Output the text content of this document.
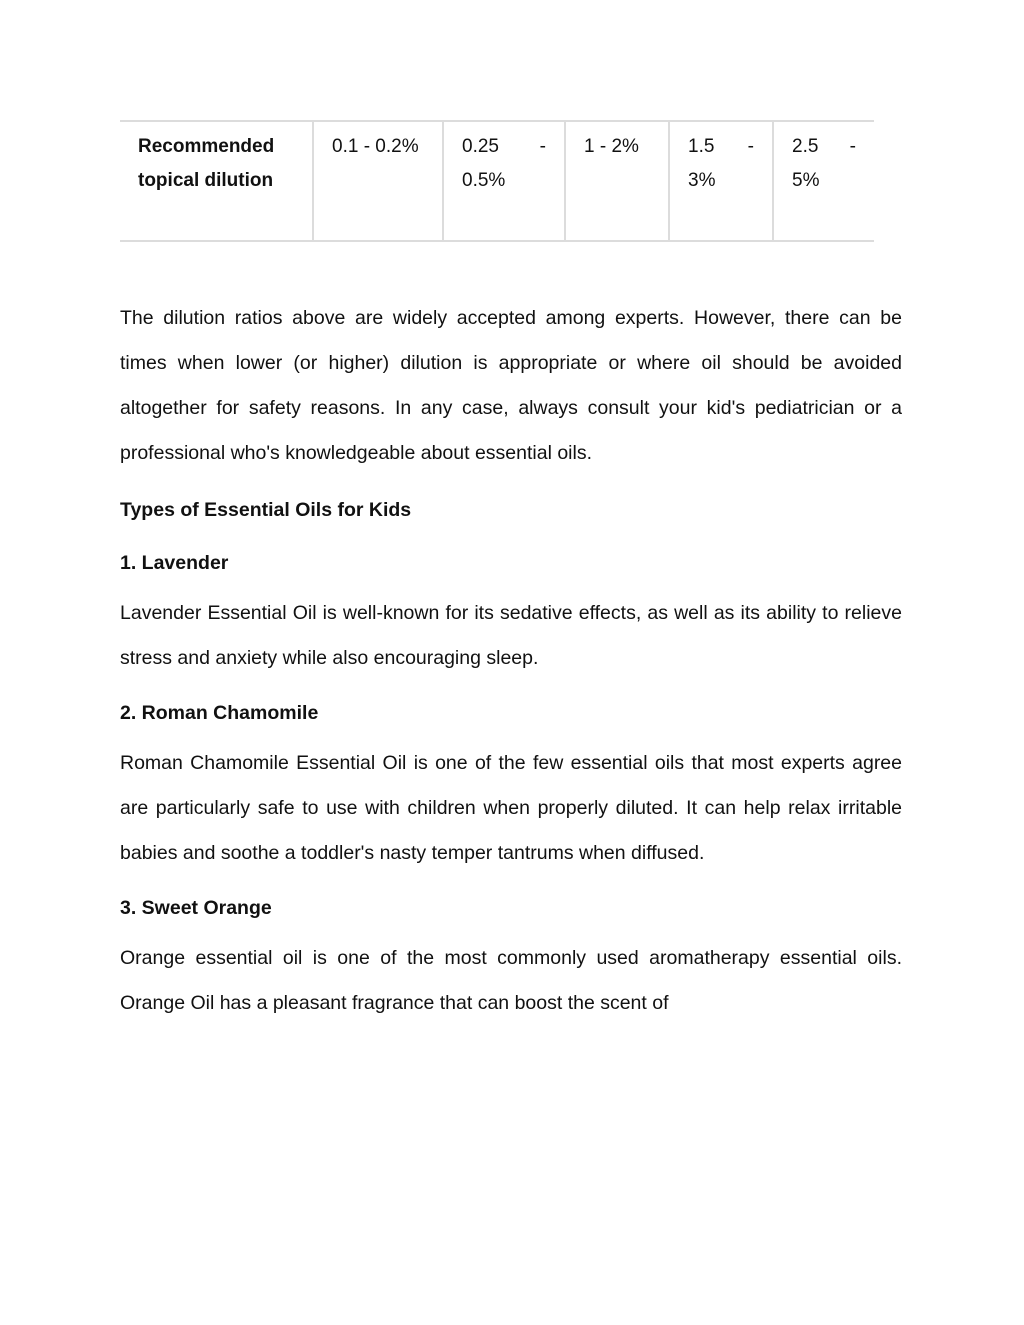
Recommended topical dilution	0.1 - 0.2%	0.25 - 0.5%	1 - 2%	1.5 - 3%	2.5 - 5%

The dilution ratios above are widely accepted among experts. However, there can be times when lower (or higher) dilution is appropriate or where oil should be avoided altogether for safety reasons. In any case, always consult your kid's pediatrician or a professional who's knowledgeable about essential oils.

Types of Essential Oils for Kids
1. Lavender

Lavender Essential Oil is well-known for its sedative effects, as well as its ability to relieve stress and anxiety while also encouraging sleep.

2. Roman Chamomile

Roman Chamomile Essential Oil is one of the few essential oils that most experts agree are particularly safe to use with children when properly diluted. It can help relax irritable babies and soothe a toddler's nasty temper tantrums when diffused.

3. Sweet Orange

Orange essential oil is one of the most commonly used aromatherapy essential oils. Orange Oil has a pleasant fragrance that can boost the scent of
